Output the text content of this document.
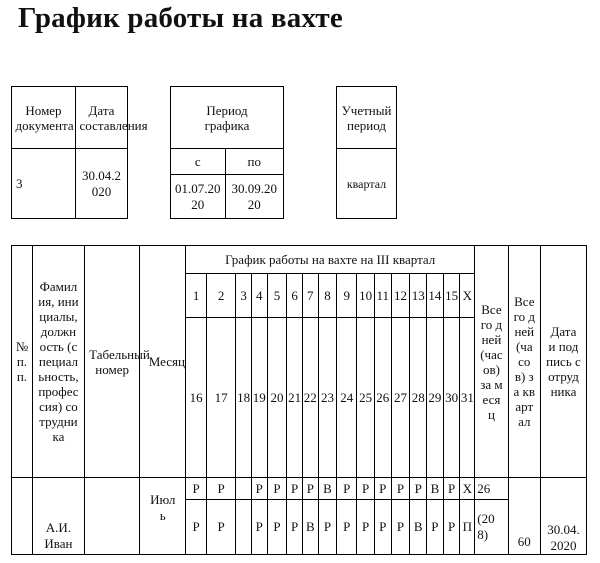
График работы на вахте
Номер документа	Дата составления

3	30.04.2020
Период графика	

с	по

01.07.2020	30.09.2020
Учетный период

квартал
№ п.п.	Фамилия, инициалы, должность (специальность, профессия) сотрудника	Табельный номер	Месяц	График работы на вахте на III квартал																Всего дней (часов) за месяц	Всего дней (часов) за квартал	Дата и подпись сотрудника

				1	2	3	4	5	6	7	8	9	10	11	12	13	14	15	Х			
				16	17	18	19	20	21	22	23	24	25	26	27	28	29	30	31			

	А.И. Иван		Июль	Р	Р		Р	Р	Р	Р	В	Р	Р	Р	Р	Р	В	Р	Х	26	60	30.04.2020

				Р	Р		Р	Р	Р	В	Р	Р	Р	Р	Р	В	Р	Р	П	(208)		
